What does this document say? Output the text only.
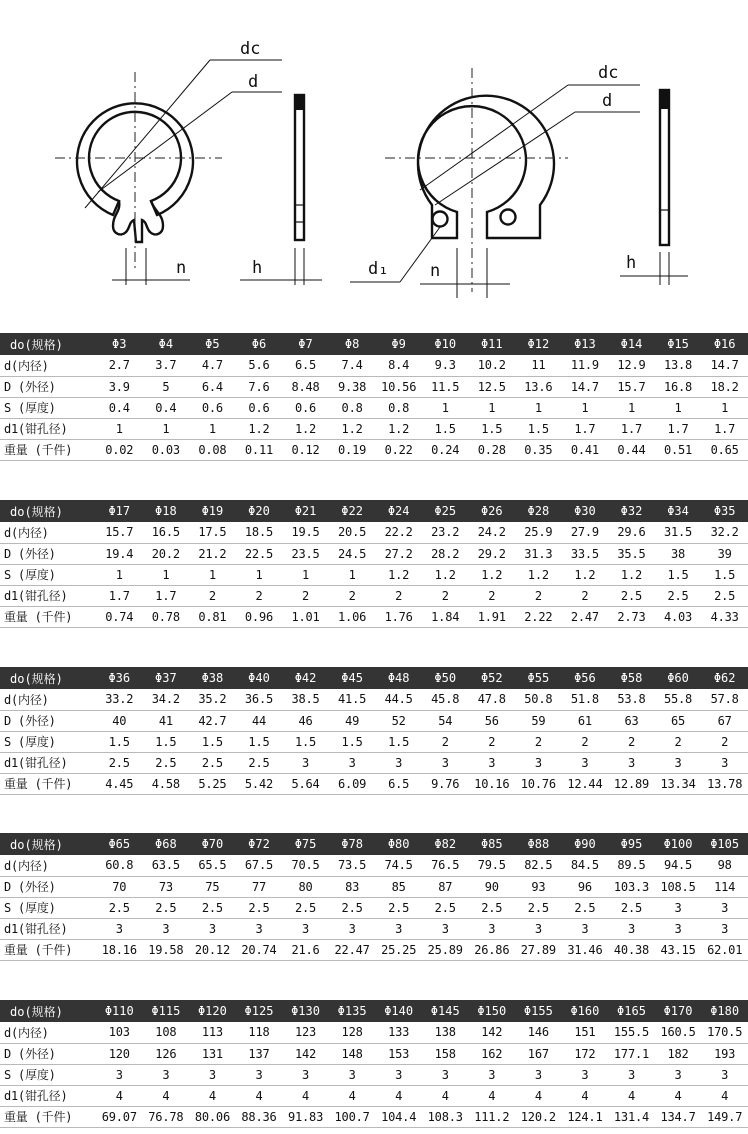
dc
d
n	h
dc
d
d₁ n	h
do(规格)	Φ3	Φ4	Φ5	Φ6	Φ7	Φ8	Φ9	Φ10	Φ11	Φ12	Φ13	Φ14	Φ15	Φ16
d(内径)	2.7	3.7	4.7	5.6	6.5	7.4	8.4	9.3	10.2	11	11.9	12.9	13.8	14.7
D (外径)	3.9	5	6.4	7.6	8.48	9.38	10.56	11.5	12.5	13.6	14.7	15.7	16.8	18.2
S (厚度)	0.4	0.4	0.6	0.6	0.6	0.8	0.8	1	1	1	1	1	1	1
d1(钳孔径)	1	1	1	1.2	1.2	1.2	1.2	1.5	1.5	1.5	1.7	1.7	1.7	1.7
重量 (千件)	0.02	0.03	0.08	0.11	0.12	0.19	0.22	0.24	0.28	0.35	0.41	0.44	0.51	0.65
do(规格)	Φ17	Φ18	Φ19	Φ20	Φ21	Φ22	Φ24	Φ25	Φ26	Φ28	Φ30	Φ32	Φ34	Φ35
d(内径)	15.7	16.5	17.5	18.5	19.5	20.5	22.2	23.2	24.2	25.9	27.9	29.6	31.5	32.2
D (外径)	19.4	20.2	21.2	22.5	23.5	24.5	27.2	28.2	29.2	31.3	33.5	35.5	38	39
S (厚度)	1	1	1	1	1	1	1.2	1.2	1.2	1.2	1.2	1.2	1.5	1.5
d1(钳孔径)	1.7	1.7	2	2	2	2	2	2	2	2	2	2.5	2.5	2.5
重量 (千件)	0.74	0.78	0.81	0.96	1.01	1.06	1.76	1.84	1.91	2.22	2.47	2.73	4.03	4.33
do(规格)	Φ36	Φ37	Φ38	Φ40	Φ42	Φ45	Φ48	Φ50	Φ52	Φ55	Φ56	Φ58	Φ60	Φ62
d(内径)	33.2	34.2	35.2	36.5	38.5	41.5	44.5	45.8	47.8	50.8	51.8	53.8	55.8	57.8
D (外径)	40	41	42.7	44	46	49	52	54	56	59	61	63	65	67
S (厚度)	1.5	1.5	1.5	1.5	1.5	1.5	1.5	2	2	2	2	2	2	2
d1(钳孔径)	2.5	2.5	2.5	2.5	3	3	3	3	3	3	3	3	3	3
重量 (千件)	4.45	4.58	5.25	5.42	5.64	6.09	6.5	9.76	10.16	10.76	12.44	12.89	13.34	13.78
do(规格)	Φ65	Φ68	Φ70	Φ72	Φ75	Φ78	Φ80	Φ82	Φ85	Φ88	Φ90	Φ95	Φ100	Φ105
d(内径)	60.8	63.5	65.5	67.5	70.5	73.5	74.5	76.5	79.5	82.5	84.5	89.5	94.5	98
D (外径)	70	73	75	77	80	83	85	87	90	93	96	103.3	108.5	114
S (厚度)	2.5	2.5	2.5	2.5	2.5	2.5	2.5	2.5	2.5	2.5	2.5	2.5	3	3
d1(钳孔径)	3	3	3	3	3	3	3	3	3	3	3	3	3	3
重量 (千件)	18.16	19.58	20.12	20.74	21.6	22.47	25.25	25.89	26.86	27.89	31.46	40.38	43.15	62.01
do(规格)	Φ110	Φ115	Φ120	Φ125	Φ130	Φ135	Φ140	Φ145	Φ150	Φ155	Φ160	Φ165	Φ170	Φ180
d(内径)	103	108	113	118	123	128	133	138	142	146	151	155.5	160.5	170.5
D (外径)	120	126	131	137	142	148	153	158	162	167	172	177.1	182	193
S (厚度)	3	3	3	3	3	3	3	3	3	3	3	3	3	3
d1(钳孔径)	4	4	4	4	4	4	4	4	4	4	4	4	4	4
重量 (千件)	69.07	76.78	80.06	88.36	91.83	100.7	104.4	108.3	111.2	120.2	124.1	131.4	134.7	149.7
